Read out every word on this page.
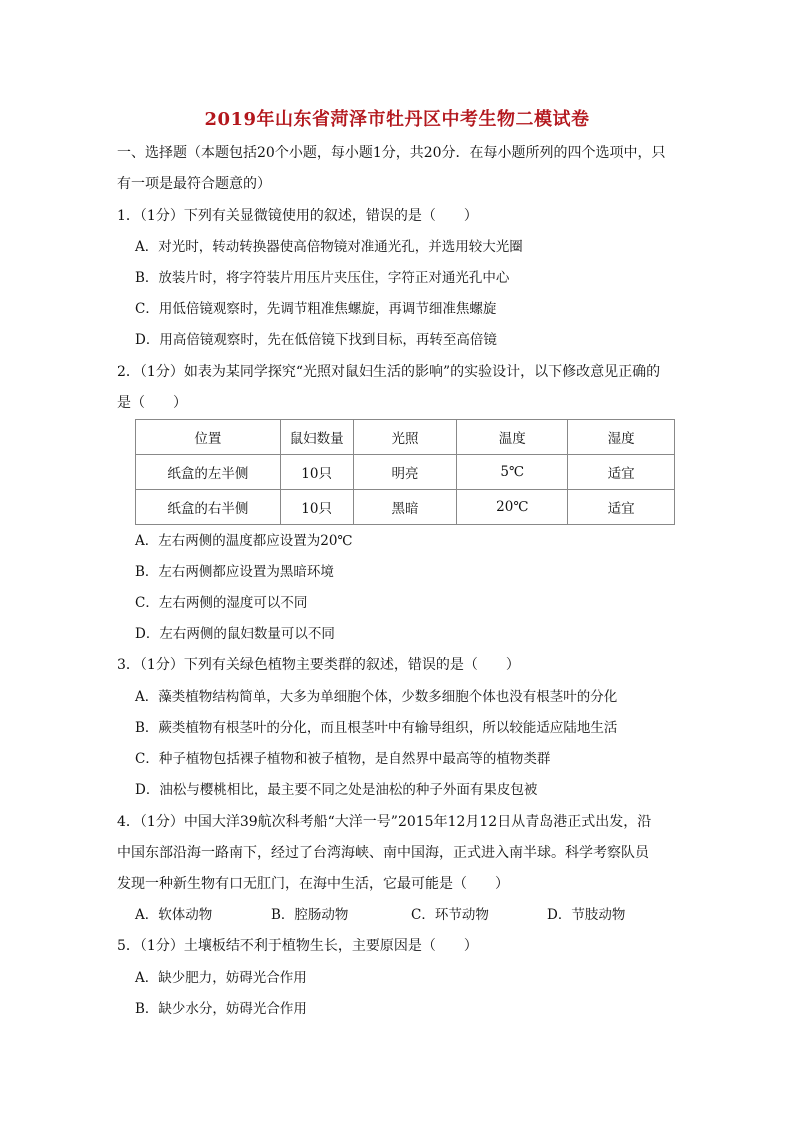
2019年山东省菏泽市牡丹区中考生物二模试卷
一、选择题（本题包括20个小题，每小题1分，共20分．在每小题所列的四个选项中，只
有一项是最符合题意的）
1．（1分）下列有关显微镜使用的叙述，错误的是（　　）
A．对光时，转动转换器使高倍物镜对准通光孔，并选用较大光圈
B．放装片时，将字符装片用压片夹压住，字符正对通光孔中心
C．用低倍镜观察时，先调节粗准焦螺旋，再调节细准焦螺旋
D．用高倍镜观察时，先在低倍镜下找到目标，再转至高倍镜
2．（1分）如表为某同学探究“光照对鼠妇生活的影响”的实验设计，以下修改意见正确的
是（　　）
位置	鼠妇数量	光照	温度	湿度
纸盒的左半侧	10只	明亮	5℃	适宜
纸盒的右半侧	10只	黑暗	20℃	适宜
A．左右两侧的温度都应设置为20℃
B．左右两侧都应设置为黑暗环境
C．左右两侧的湿度可以不同
D．左右两侧的鼠妇数量可以不同
3．（1分）下列有关绿色植物主要类群的叙述，错误的是（　　）
A．藻类植物结构简单，大多为单细胞个体，少数多细胞个体也没有根茎叶的分化
B．蕨类植物有根茎叶的分化，而且根茎叶中有输导组织，所以较能适应陆地生活
C．种子植物包括裸子植物和被子植物，是自然界中最高等的植物类群
D．油松与樱桃相比，最主要不同之处是油松的种子外面有果皮包被
4．（1分）中国大洋39航次科考船“大洋一号”2015年12月12日从青岛港正式出发，沿
中国东部沿海一路南下，经过了台湾海峡、南中国海，正式进入南半球。科学考察队员
发现一种新生物有口无肛门，在海中生活，它最可能是（　　）
A．软体动物	B．腔肠动物	C．环节动物	D．节肢动物
5．（1分）土壤板结不利于植物生长，主要原因是（　　）
A．缺少肥力，妨碍光合作用
B．缺少水分，妨碍光合作用
